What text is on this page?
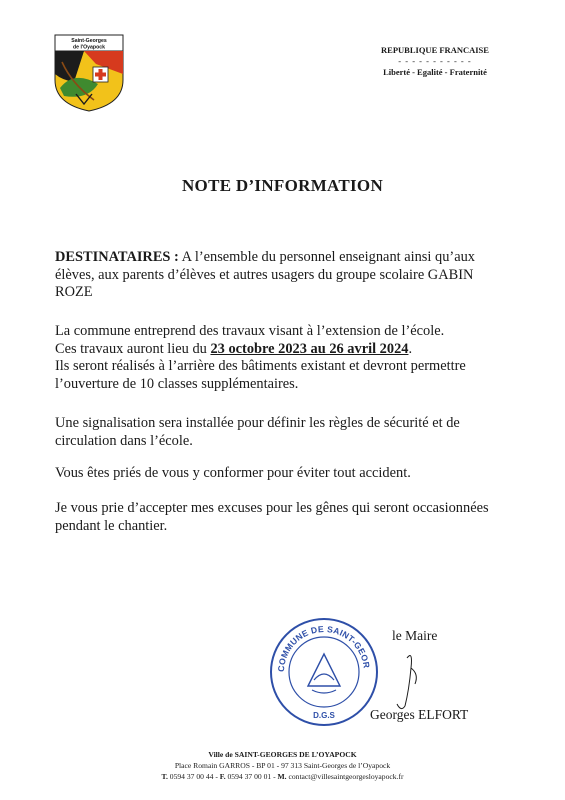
Saint-Georges
de l'Oyapock	REPUBLIQUE FRANCAISE
- - - - - - - - - - -
Liberté - Egalité - Fraternité
NOTE D’INFORMATION
DESTINATAIRES : A l’ensemble du personnel enseignant ainsi qu’aux
élèves, aux parents d’élèves et autres usagers du groupe scolaire GABIN
ROZE
La commune entreprend des travaux visant à l’extension de l’école.
Ces travaux auront lieu du 23 octobre 2023 au 26 avril 2024.
Ils seront réalisés à l’arrière des bâtiments existant et devront permettre
l’ouverture de 10 classes supplémentaires.
Une signalisation sera installée pour définir les règles de sécurité et de
circulation dans l’école.
Vous êtes priés de vous y conformer pour éviter tout accident.
Je vous prie d’accepter mes excuses pour les gênes qui seront occasionnées
pendant le chantier.
COMMUNE DE SAINT-GEOR
D.G.S
le Maire
Georges ELFORT
Ville de SAINT-GEORGES DE L’OYAPOCK
Place Romain GARROS - BP 01 - 97 313 Saint-Georges de l’Oyapock
T. 0594 37 00 44 - F. 0594 37 00 01 - M. contact@villesaintgeorgesloyapock.fr
